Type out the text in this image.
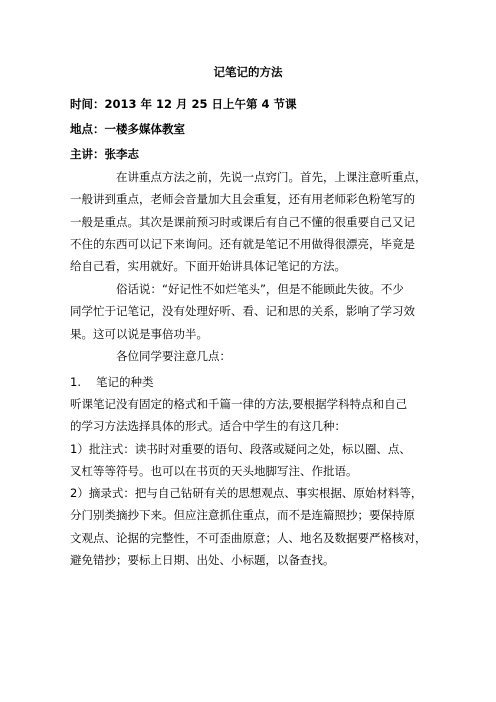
记笔记的方法
时间：2013 年 12 月 25 日上午第 4 节课
地点：一楼多媒体教室
主讲：张李志
在讲重点方法之前，先说一点窍门。首先，上课注意听重点，
一般讲到重点，老师会音量加大且会重复，还有用老师彩色粉笔写的
一般是重点。其次是课前预习时或课后有自己不懂的很重要自己又记
不住的东西可以记下来询问。还有就是笔记不用做得很漂亮，毕竟是
给自己看，实用就好。下面开始讲具体记笔记的方法。
俗话说：“好记性不如烂笔头”，但是不能顾此失彼。不少
同学忙于记笔记，没有处理好听、看、记和思的关系，影响了学习效
果。这可以说是事倍功半。
各位同学要注意几点：
1. 笔记的种类
听课笔记没有固定的格式和千篇一律的方法,要根据学科特点和自己
的学习方法选择具体的形式。适合中学生的有这几种：
1）批注式：读书时对重要的语句、段落或疑问之处，标以圈、点、
叉杠等等符号。也可以在书页的天头地脚写注、作批语。
2）摘录式：把与自己钻研有关的思想观点、事实根据、原始材料等，
分门别类摘抄下来。但应注意抓住重点，而不是连篇照抄；要保持原
文观点、论据的完整性，不可歪曲原意；人、地名及数据要严格核对，
避免错抄；要标上日期、出处、小标题，以备查找。
